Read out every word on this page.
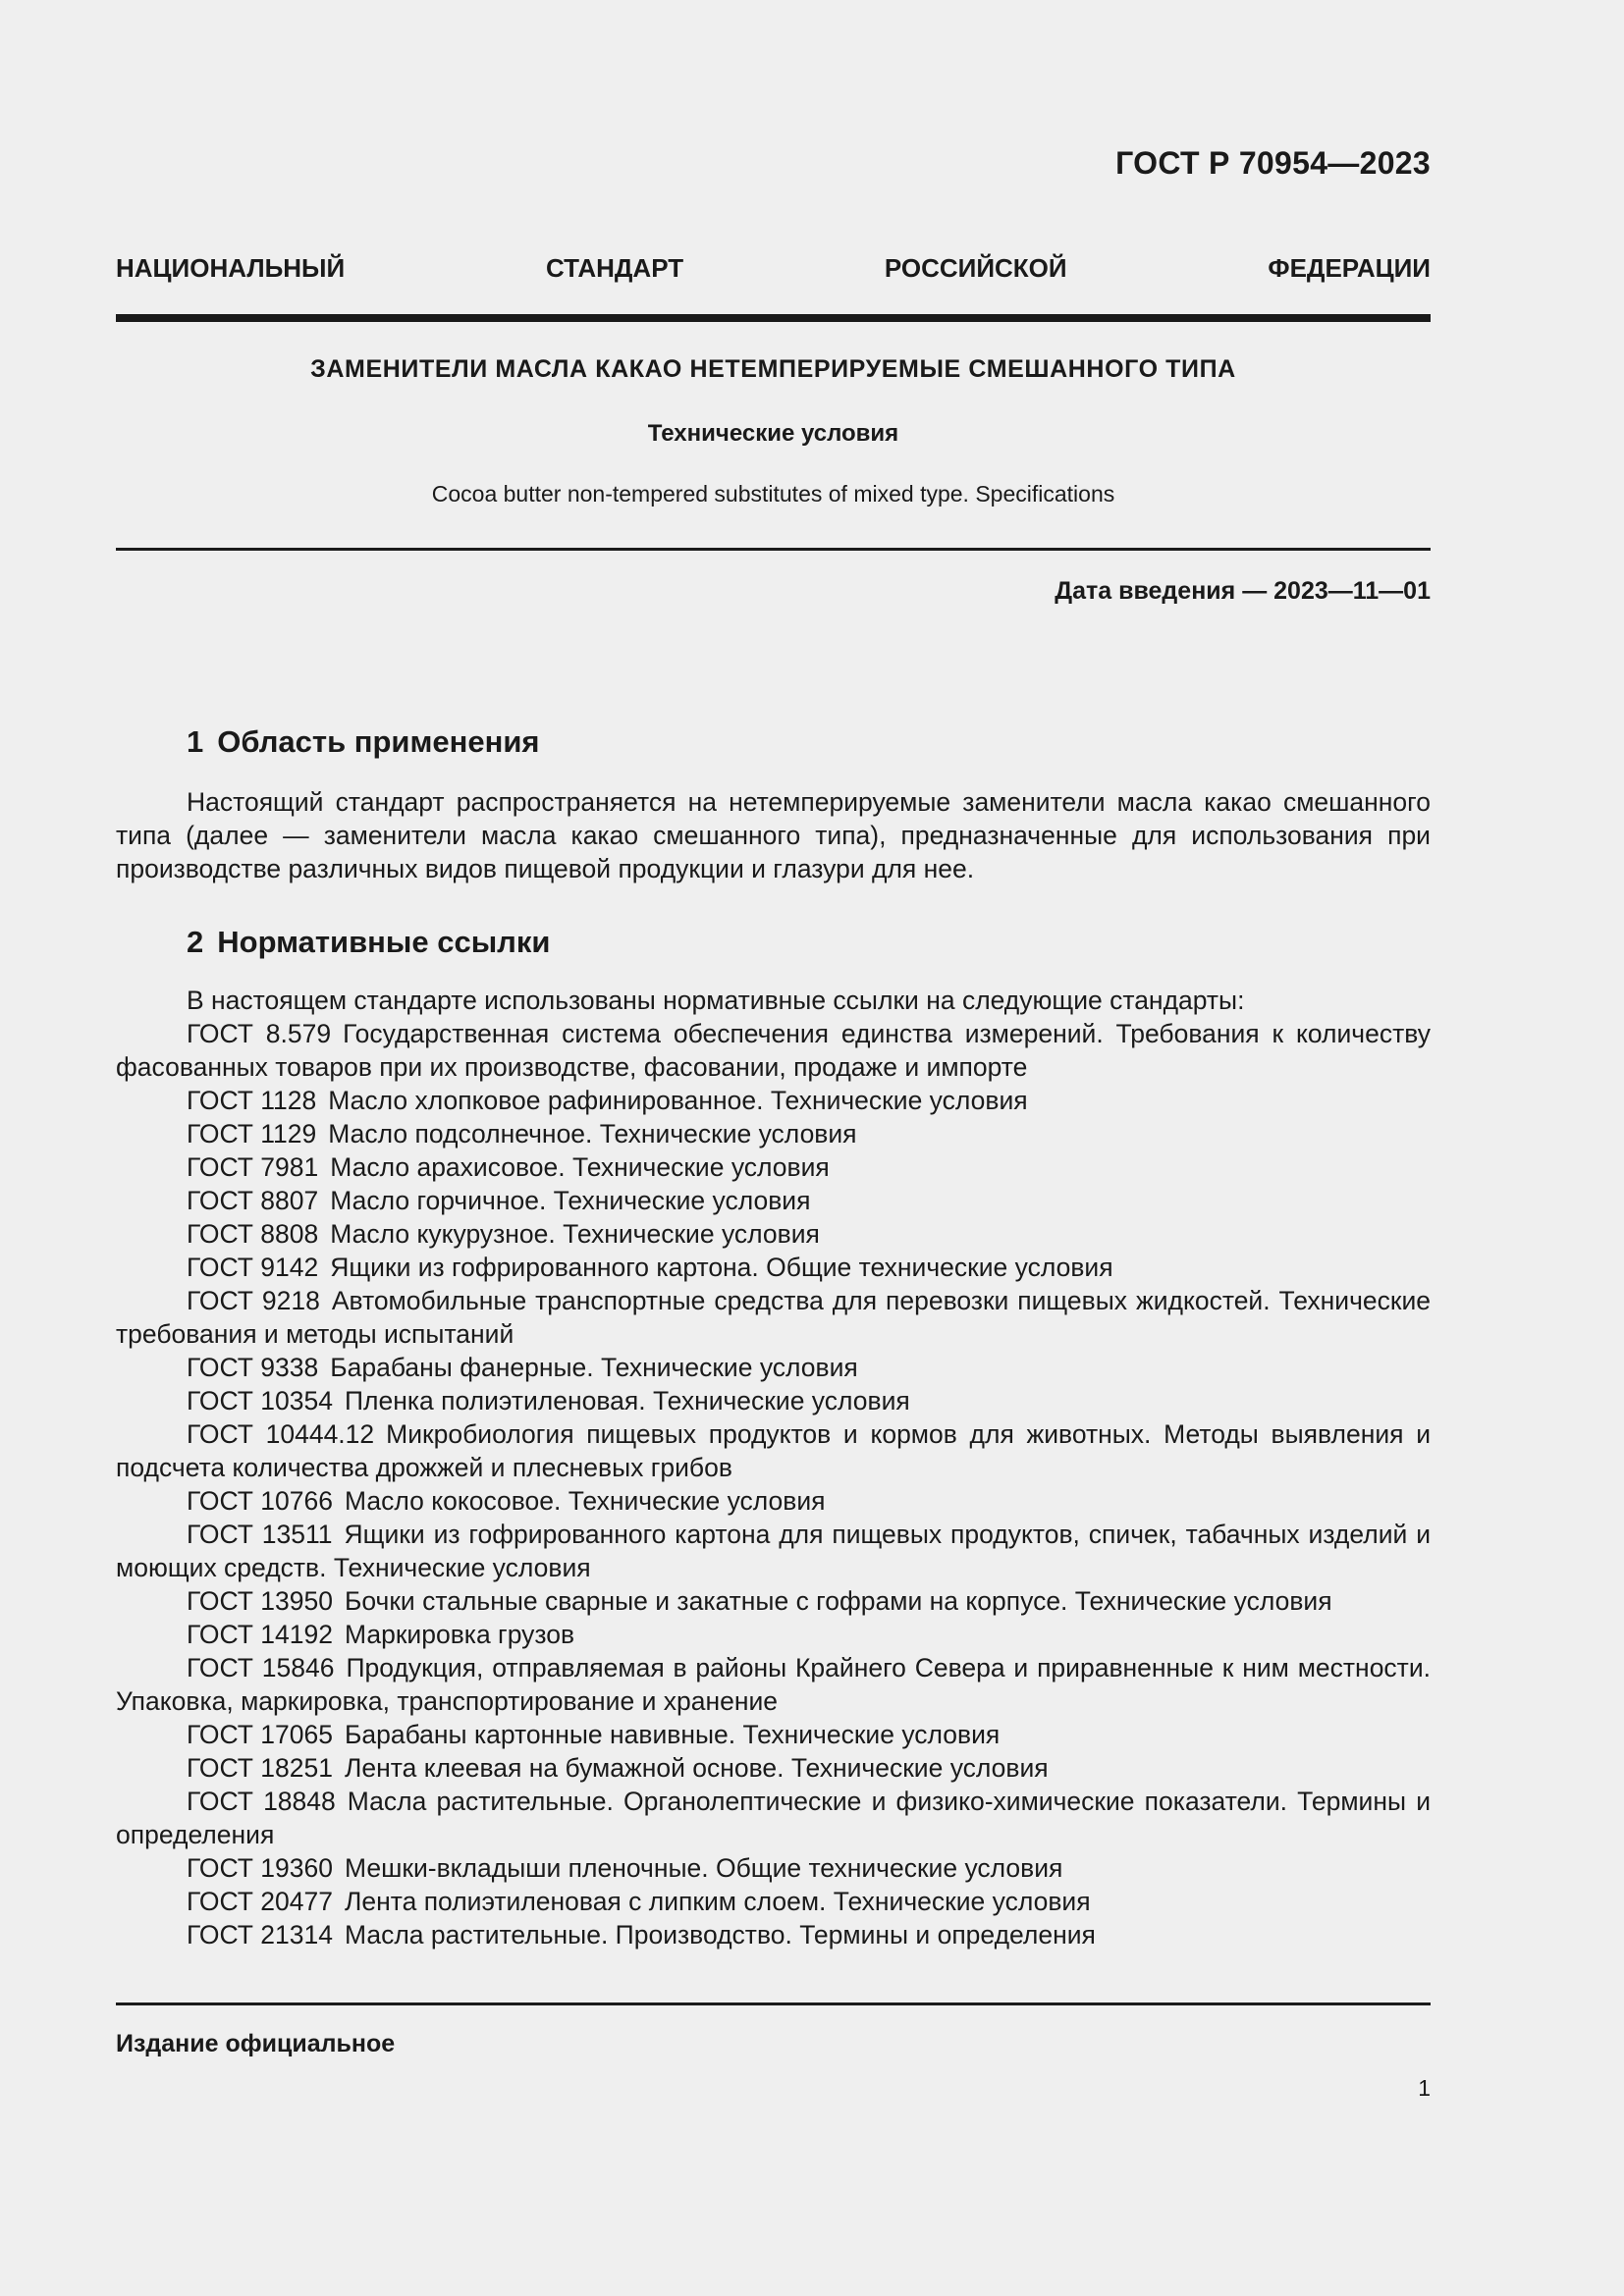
ГОСТ Р 70954—2023
НАЦИОНАЛЬНЫЙ СТАНДАРТ РОССИЙСКОЙ ФЕДЕРАЦИИ
ЗАМЕНИТЕЛИ МАСЛА КАКАО НЕТЕМПЕРИРУЕМЫЕ СМЕШАННОГО ТИПА
Технические условия
Cocoa butter non-tempered substitutes of mixed type. Specifications
Дата введения — 2023—11—01
1 Область применения

Настоящий стандарт распространяется на нетемперируемые заменители масла какао смешанного типа (далее — заменители масла какао смешанного типа), предназначенные для использования при производстве различных видов пищевой продукции и глазури для нее.

2 Нормативные ссылки

В настоящем стандарте использованы нормативные ссылки на следующие стандарты:

ГОСТ 8.579 Государственная система обеспечения единства измерений. Требования к количеству фасованных товаров при их производстве, фасовании, продаже и импорте
ГОСТ 1128 Масло хлопковое рафинированное. Технические условия
ГОСТ 1129 Масло подсолнечное. Технические условия
ГОСТ 7981 Масло арахисовое. Технические условия
ГОСТ 8807 Масло горчичное. Технические условия
ГОСТ 8808 Масло кукурузное. Технические условия
ГОСТ 9142 Ящики из гофрированного картона. Общие технические условия
ГОСТ 9218 Автомобильные транспортные средства для перевозки пищевых жидкостей. Технические требования и методы испытаний
ГОСТ 9338 Барабаны фанерные. Технические условия
ГОСТ 10354 Пленка полиэтиленовая. Технические условия
ГОСТ 10444.12 Микробиология пищевых продуктов и кормов для животных. Методы выявления и подсчета количества дрожжей и плесневых грибов
ГОСТ 10766 Масло кокосовое. Технические условия
ГОСТ 13511 Ящики из гофрированного картона для пищевых продуктов, спичек, табачных изделий и моющих средств. Технические условия
ГОСТ 13950 Бочки стальные сварные и закатные с гофрами на корпусе. Технические условия
ГОСТ 14192 Маркировка грузов
ГОСТ 15846 Продукция, отправляемая в районы Крайнего Севера и приравненные к ним местности. Упаковка, маркировка, транспортирование и хранение
ГОСТ 17065 Барабаны картонные навивные. Технические условия
ГОСТ 18251 Лента клеевая на бумажной основе. Технические условия
ГОСТ 18848 Масла растительные. Органолептические и физико-химические показатели. Термины и определения
ГОСТ 19360 Мешки-вкладыши пленочные. Общие технические условия
ГОСТ 20477 Лента полиэтиленовая с липким слоем. Технические условия
ГОСТ 21314 Масла растительные. Производство. Термины и определения
Издание официальное
1
